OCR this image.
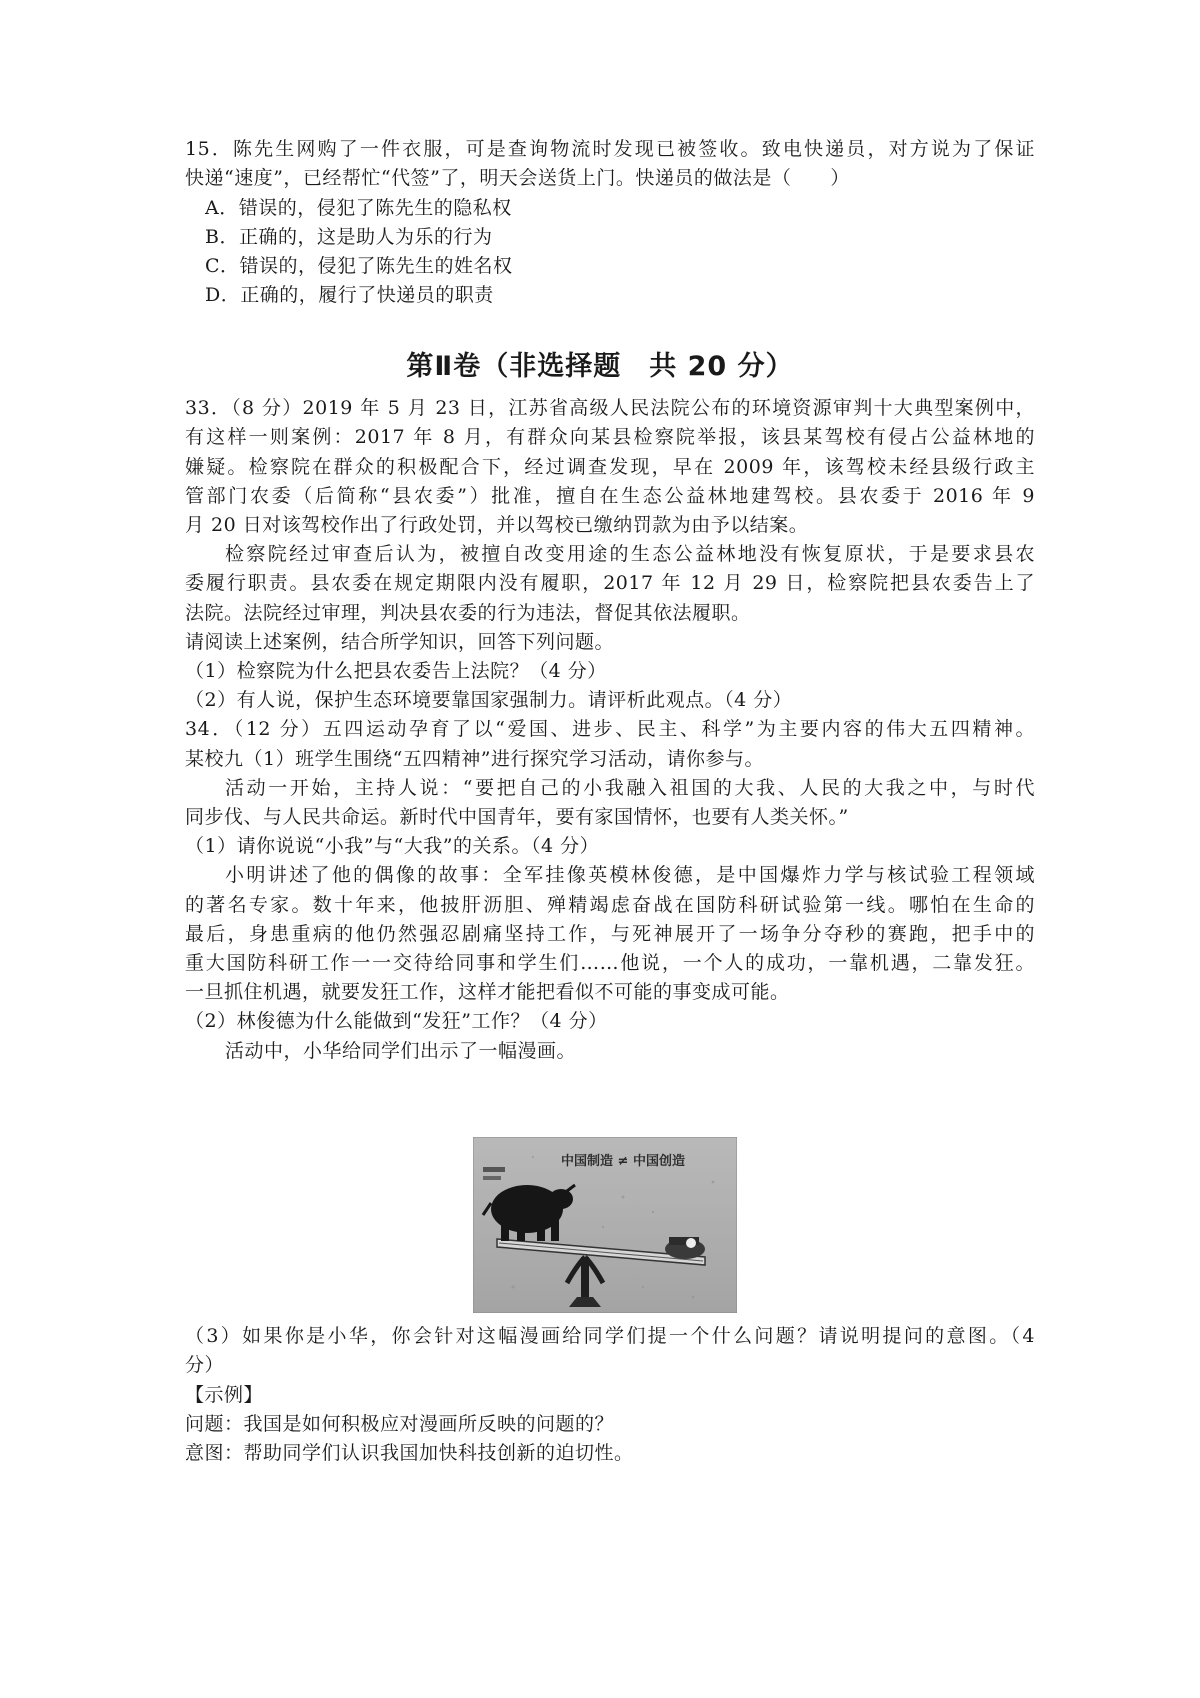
15．陈先生网购了一件衣服，可是查询物流时发现已被签收。致电快递员，对方说为了保证
快递“速度”，已经帮忙“代签”了，明天会送货上门。快递员的做法是（　　）
A．错误的，侵犯了陈先生的隐私权
B．正确的，这是助人为乐的行为
C．错误的，侵犯了陈先生的姓名权
D．正确的，履行了快递员的职责
第Ⅱ卷（非选择题　共 20 分）
33．（8 分）2019 年 5 月 23 日，江苏省高级人民法院公布的环境资源审判十大典型案例中，
有这样一则案例：2017 年 8 月，有群众向某县检察院举报，该县某驾校有侵占公益林地的
嫌疑。检察院在群众的积极配合下，经过调查发现，早在 2009 年，该驾校未经县级行政主
管部门农委（后简称“县农委”）批准，擅自在生态公益林地建驾校。县农委于 2016 年 9
月 20 日对该驾校作出了行政处罚，并以驾校已缴纳罚款为由予以结案。
检察院经过审查后认为，被擅自改变用途的生态公益林地没有恢复原状，于是要求县农
委履行职责。县农委在规定期限内没有履职，2017 年 12 月 29 日，检察院把县农委告上了
法院。法院经过审理，判决县农委的行为违法，督促其依法履职。
请阅读上述案例，结合所学知识，回答下列问题。
（1）检察院为什么把县农委告上法院？（4 分）
（2）有人说，保护生态环境要靠国家强制力。请评析此观点。（4 分）
34．（12 分）五四运动孕育了以“爱国、进步、民主、科学”为主要内容的伟大五四精神。
某校九（1）班学生围绕“五四精神”进行探究学习活动，请你参与。
活动一开始，主持人说：“要把自己的小我融入祖国的大我、人民的大我之中，与时代
同步伐、与人民共命运。新时代中国青年，要有家国情怀，也要有人类关怀。”
（1）请你说说“小我”与“大我”的关系。（4 分）
小明讲述了他的偶像的故事：全军挂像英模林俊德，是中国爆炸力学与核试验工程领域
的著名专家。数十年来，他披肝沥胆、殚精竭虑奋战在国防科研试验第一线。哪怕在生命的
最后，身患重病的他仍然强忍剧痛坚持工作，与死神展开了一场争分夺秒的赛跑，把手中的
重大国防科研工作一一交待给同事和学生们……他说，一个人的成功，一靠机遇，二靠发狂。
一旦抓住机遇，就要发狂工作，这样才能把看似不可能的事变成可能。
（2）林俊德为什么能做到“发狂”工作？（4 分）
活动中，小华给同学们出示了一幅漫画。
中国制造 ≠ 中国创造
（3）如果你是小华，你会针对这幅漫画给同学们提一个什么问题？请说明提问的意图。（4
分）
【示例】
问题：我国是如何积极应对漫画所反映的问题的？
意图：帮助同学们认识我国加快科技创新的迫切性。
